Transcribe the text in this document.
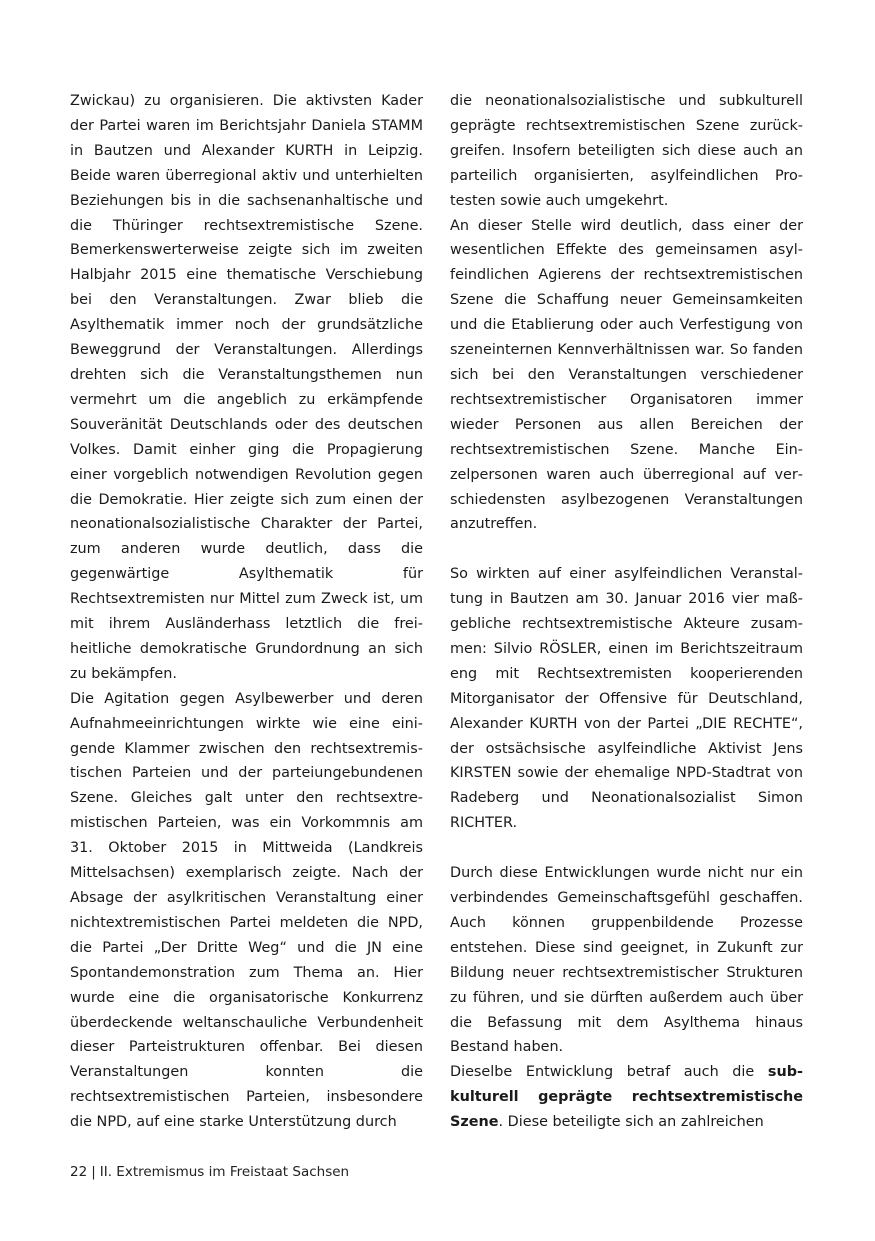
Zwickau) zu organisieren. Die aktivsten Kader der Partei waren im Berichtsjahr Daniela STAMM in Bautzen und Alexander KURTH in Leipzig. Beide waren überregional aktiv und unterhielten Beziehungen bis in die sachsenanhaltische und die Thüringer rechtsextremistische Szene. Bemerkenswerterweise zeigte sich im zweiten Halbjahr 2015 eine thematische Verschiebung bei den Veranstaltungen. Zwar blieb die Asylthematik immer noch der grundsätzliche Beweggrund der Veranstaltungen. Allerdings drehten sich die Veranstaltungsthemen nun vermehrt um die angeblich zu erkämpfende Souveränität Deutschlands oder des deutschen Volkes. Damit einher ging die Propagierung einer vorgeblich notwendigen Revolution gegen die Demokratie. Hier zeigte sich zum einen der neonationalsozialistische Charakter der Partei, zum anderen wurde deutlich, dass die gegenwärtige Asylthematik für Rechtsextremisten nur Mittel zum Zweck ist, um mit ihrem Ausländerhass letztlich die freiheitliche demokratische Grundordnung an sich zu bekämpfen.

Die Agitation gegen Asylbewerber und deren Aufnahmeeinrichtungen wirkte wie eine einigende Klammer zwischen den rechtsextremistischen Parteien und der parteiungebundenen Szene. Gleiches galt unter den rechtsextremistischen Parteien, was ein Vorkommnis am 31. Oktober 2015 in Mittweida (Landkreis Mittelsachsen) exemplarisch zeigte. Nach der Absage der asylkritischen Veranstaltung einer nichtextremistischen Partei meldeten die NPD, die Partei „Der Dritte Weg“ und die JN eine Spontandemonstration zum Thema an. Hier wurde eine die organisatorische Konkurrenz überdeckende weltanschauliche Verbundenheit dieser Parteistrukturen offenbar. Bei diesen Veranstaltungen konnten die rechtsextremistischen Parteien, insbesondere die NPD, auf eine starke Unterstützung durch

die neonationalsozialistische und subkulturell geprägte rechtsextremistischen Szene zurückgreifen. Insofern beteiligten sich diese auch an parteilich organisierten, asylfeindlichen Protesten sowie auch umgekehrt.

An dieser Stelle wird deutlich, dass einer der wesentlichen Effekte des gemeinsamen asylfeindlichen Agierens der rechtsextremistischen Szene die Schaffung neuer Gemeinsamkeiten und die Etablierung oder auch Verfestigung von szeneinternen Kennverhältnissen war. So fanden sich bei den Veranstaltungen verschiedener rechtsextremistischer Organisatoren immer wieder Personen aus allen Bereichen der rechtsextremistischen Szene. Manche Einzelpersonen waren auch überregional auf verschiedensten asylbezogenen Veranstaltungen anzutreffen.

So wirkten auf einer asylfeindlichen Veranstaltung in Bautzen am 30. Januar 2016 vier maßgebliche rechtsextremistische Akteure zusammen: Silvio RÖSLER, einen im Berichtszeitraum eng mit Rechtsextremisten kooperierenden Mitorganisator der Offensive für Deutschland, Alexander KURTH von der Partei „DIE RECHTE“, der ostsächsische asylfeindliche Aktivist Jens KIRSTEN sowie der ehemalige NPD-Stadtrat von Radeberg und Neonationalsozialist Simon RICHTER.

Durch diese Entwicklungen wurde nicht nur ein verbindendes Gemeinschaftsgefühl geschaffen. Auch können gruppenbildende Prozesse entstehen. Diese sind geeignet, in Zukunft zur Bildung neuer rechtsextremistischer Strukturen zu führen, und sie dürften außerdem auch über die Befassung mit dem Asylthema hinaus Bestand haben.

Dieselbe Entwicklung betraf auch die subkulturell geprägte rechtsextremistische Szene. Diese beteiligte sich an zahlreichen

22 | II. Extremismus im Freistaat Sachsen
